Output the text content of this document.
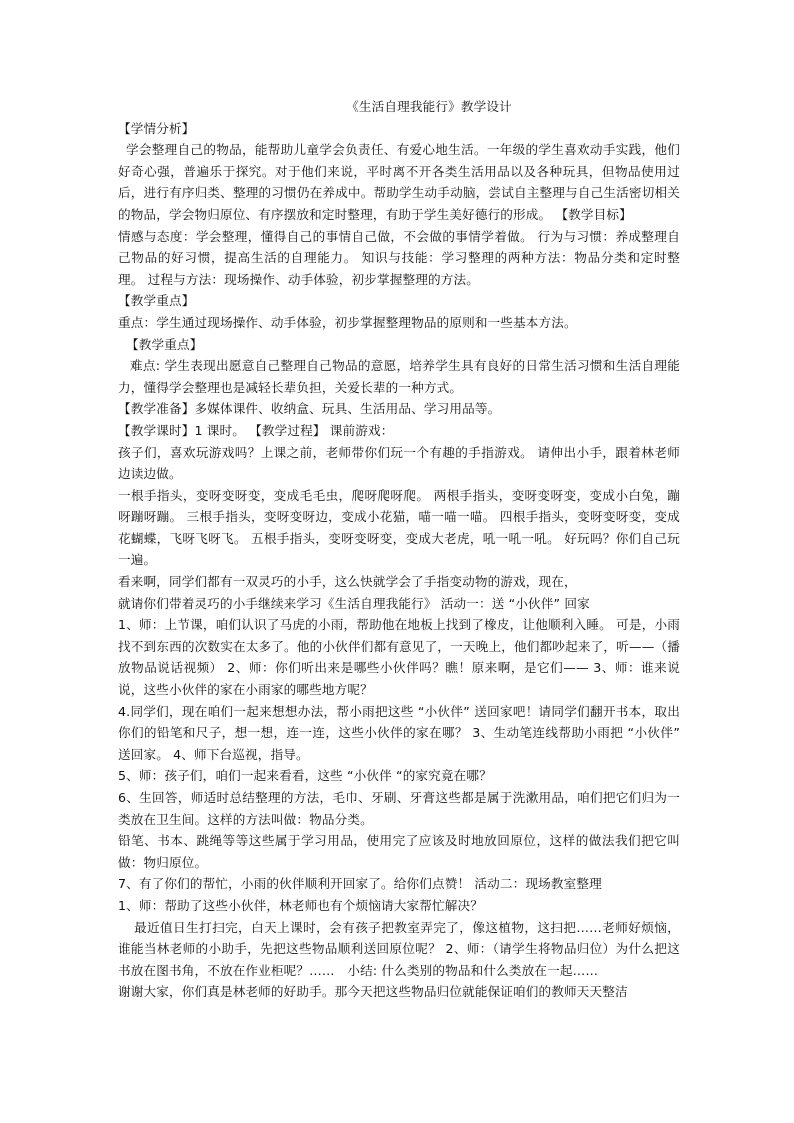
《生活自理我能行》教学设计

【学情分析】

学会整理自己的物品，能帮助儿童学会负责任、有爱心地生活。一年级的学生喜欢动手实践，他们好奇心强，普遍乐于探究。对于他们来说，平时离不开各类生活用品以及各种玩具，但物品使用过后，进行有序归类、整理的习惯仍在养成中。帮助学生动手动脑，尝试自主整理与自己生活密切相关的物品，学会物归原位、有序摆放和定时整理，有助于学生美好德行的形成。 【教学目标】

情感与态度：学会整理，懂得自己的事情自己做，不会做的事情学着做。 行为与习惯：养成整理自己物品的好习惯，提高生活的自理能力。 知识与技能：学习整理的两种方法：物品分类和定时整理。 过程与方法：现场操作、动手体验，初步掌握整理的方法。

【教学重点】

重点：学生通过现场操作、动手体验，初步掌握整理物品的原则和一些基本方法。

【教学重点】

难点: 学生表现出愿意自己整理自己物品的意愿，培养学生具有良好的日常生活习惯和生活自理能力，懂得学会整理也是减轻长辈负担，关爱长辈的一种方式。

【教学准备】多媒体课件、收纳盒、玩具、生活用品、学习用品等。

【教学课时】1 课时。 【教学过程】 课前游戏：

孩子们，喜欢玩游戏吗？上课之前，老师带你们玩一个有趣的手指游戏。 请伸出小手，跟着林老师边读边做。

一根手指头，变呀变呀变，变成毛毛虫，爬呀爬呀爬。 两根手指头，变呀变呀变，变成小白兔，蹦呀蹦呀蹦。 三根手指头，变呀变呀边，变成小花猫，喵一喵一喵。 四根手指头，变呀变呀变，变成花蝴蝶，飞呀飞呀飞。 五根手指头，变呀变呀变，变成大老虎，吼一吼一吼。 好玩吗？你们自己玩一遍。

看来啊，同学们都有一双灵巧的小手，这么快就学会了手指变动物的游戏，现在，

就请你们带着灵巧的小手继续来学习《生活自理我能行》 活动一：送 “小伙伴” 回家

1、师：上节课，咱们认识了马虎的小雨，帮助他在地板上找到了橡皮，让他顺利入睡。 可是，小雨找不到东西的次数实在太多了。他的小伙伴们都有意见了，一天晚上，他们都吵起来了，听——（播放物品说话视频） 2、师：你们听出来是哪些小伙伴吗？瞧！原来啊，是它们—— 3、师：谁来说说，这些小伙伴的家在小雨家的哪些地方呢？

4.同学们，现在咱们一起来想想办法，帮小雨把这些 “小伙伴” 送回家吧！请同学们翻开书本，取出你们的铅笔和尺子，想一想，连一连，这些小伙伴的家在哪？ 3、生动笔连线帮助小雨把 “小伙伴” 送回家。 4、师下台巡视，指导。

5、师：孩子们，咱们一起来看看，这些 “小伙伴 “的家究竟在哪？

6、生回答，师适时总结整理的方法，毛巾、牙刷、牙膏这些都是属于洗漱用品，咱们把它们归为一类放在卫生间。这样的方法叫做：物品分类。

铅笔、书本、跳绳等等这些属于学习用品，使用完了应该及时地放回原位，这样的做法我们把它叫做：物归原位。

7、有了你们的帮忙，小雨的伙伴顺利开回家了。给你们点赞！ 活动二：现场教室整理

1、师：帮助了这些小伙伴，林老师也有个烦恼请大家帮忙解决？

最近值日生打扫完，白天上课时，会有孩子把教室弄完了，像这植物，这扫把……老师好烦恼，谁能当林老师的小助手，先把这些物品顺利送回原位呢？ 2、师：（请学生将物品归位）为什么把这书放在图书角，不放在作业柜呢？……　小结: 什么类别的物品和什么类放在一起……

谢谢大家，你们真是林老师的好助手。那今天把这些物品归位就能保证咱们的教师天天整洁
